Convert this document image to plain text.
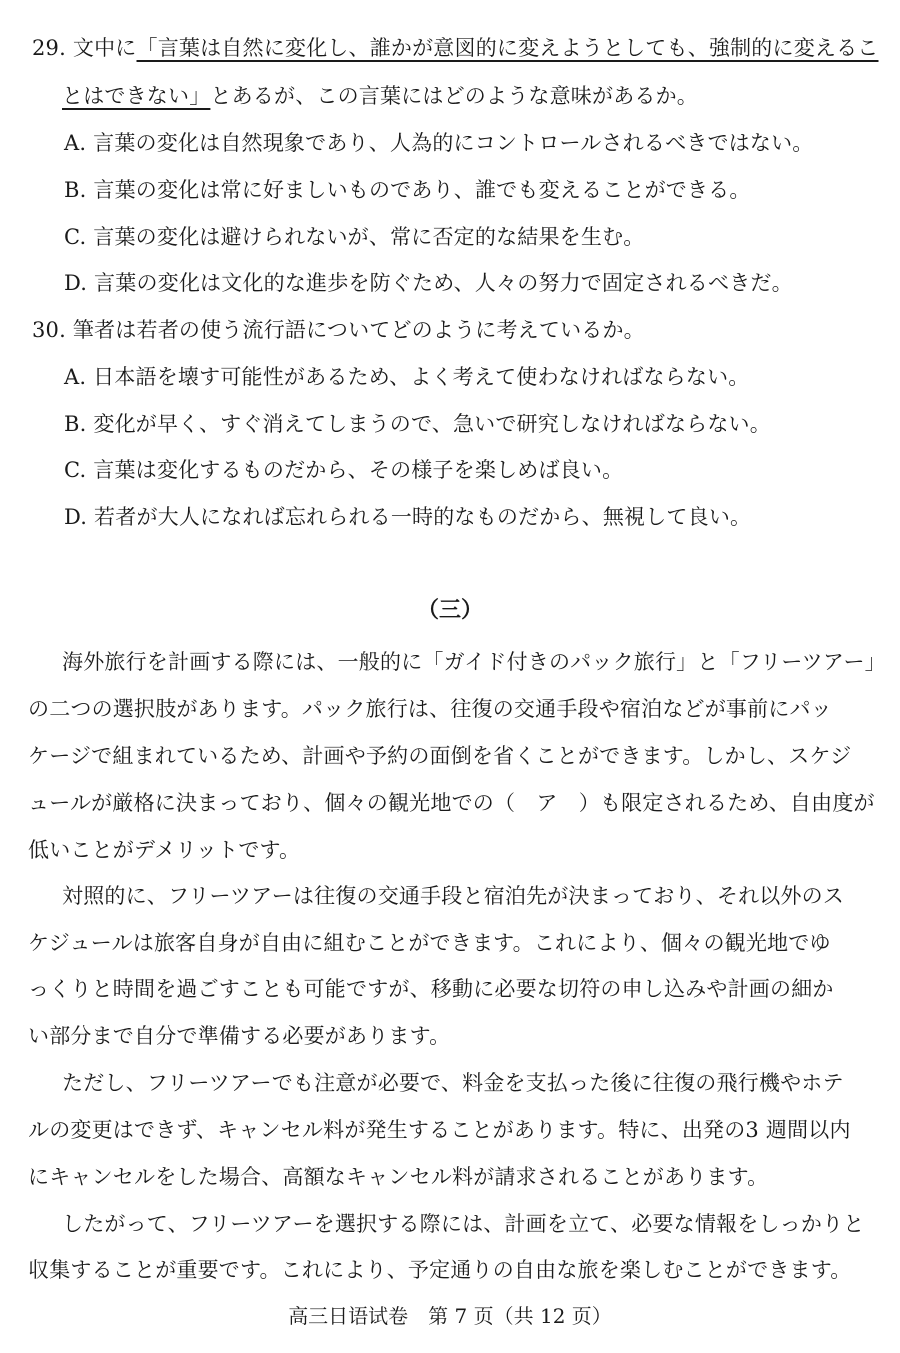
29. 文中に「言葉は自然に変化し、誰かが意図的に変えようとしても、強制的に変えるこ
とはできない」とあるが、この言葉にはどのような意味があるか。
A. 言葉の変化は自然現象であり、人為的にコントロールされるべきではない。
B. 言葉の変化は常に好ましいものであり、誰でも変えることができる。
C. 言葉の変化は避けられないが、常に否定的な結果を生む。
D. 言葉の変化は文化的な進歩を防ぐため、人々の努力で固定されるべきだ。
30. 筆者は若者の使う流行語についてどのように考えているか。
A. 日本語を壊す可能性があるため、よく考えて使わなければならない。
B. 変化が早く、すぐ消えてしまうので、急いで研究しなければならない。
C. 言葉は変化するものだから、その様子を楽しめば良い。
D. 若者が大人になれば忘れられる一時的なものだから、無視して良い。
（三）
海外旅行を計画する際には、一般的に「ガイド付きのパック旅行」と「フリーツアー」
の二つの選択肢があります。パック旅行は、往復の交通手段や宿泊などが事前にパッ
ケージで組まれているため、計画や予約の面倒を省くことができます。しかし、スケジ
ュールが厳格に決まっており、個々の観光地での（　ア　）も限定されるため、自由度が
低いことがデメリットです。
対照的に、フリーツアーは往復の交通手段と宿泊先が決まっており、それ以外のス
ケジュールは旅客自身が自由に組むことができます。これにより、個々の観光地でゆ
っくりと時間を過ごすことも可能ですが、移動に必要な切符の申し込みや計画の細か
い部分まで自分で準備する必要があります。
ただし、フリーツアーでも注意が必要で、料金を支払った後に往復の飛行機やホテ
ルの変更はできず、キャンセル料が発生することがあります。特に、出発の3 週間以内
にキャンセルをした場合、高額なキャンセル料が請求されることがあります。
したがって、フリーツアーを選択する際には、計画を立て、必要な情報をしっかりと
収集することが重要です。これにより、予定通りの自由な旅を楽しむことができます。
高三日语试卷　第 7 页（共 12 页）
